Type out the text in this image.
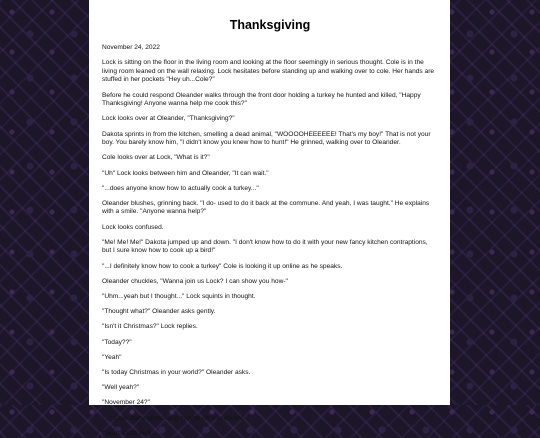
Thanksgiving

November 24, 2022

Lock is sitting on the floor in the living room and looking at the floor seemingly in serious thought. Cole is in the living room leaned on the wall relaxing. Lock hesitates before standing up and walking over to cole. Her hands are stuffed in her pockets "Hey uh...Cole?"

Before he could respond Oleander walks through the front door holding a turkey he hunted and killed, "Happy Thanksgiving! Anyone wanna help me cook this?"

Lock looks over at Oleander, "Thanksgiving?"

Dakota sprints in from the kitchen, smelling a dead animal, "WOOOOHEEEEEE! That's my boy!" That is not your boy. You barely know him, "I didn't know you knew how to hunt!" He grinned, walking over to Oleander.

Cole looks over at Lock, "What is it?"

"Uh" Lock looks between him and Oleander, "It can wait."

"...does anyone know how to actually cook a turkey..."

Oleander blushes, grinning back. "I do- used to do it back at the commune. And yeah, I was taught." He explains with a smile. "Anyone wanna help?"

Lock looks confused.

"Me! Me! Me!" Dakota jumped up and down. "I don't know how to do it with your new fancy kitchen contraptions, but I sure know how to cook up a bird!"

"...I definitely know how to cook a turkey" Cole is looking it up online as he speaks.

Oleander chuckles, "Wanna join us Lock? I can show you how-"

"Uhm...yeah but I thought..." Lock squints in thought.

"Thought what?" Oleander asks gently.

"Isn't it Christmas?" Lock replies.

"Today??"

"Yeah"

"Is today Christmas in your world?" Oleander asks.

"Well yeah?"

"November 24?"

"..." Cole starts pretending to type on a keyboard

"Yeah" Lock nods.
